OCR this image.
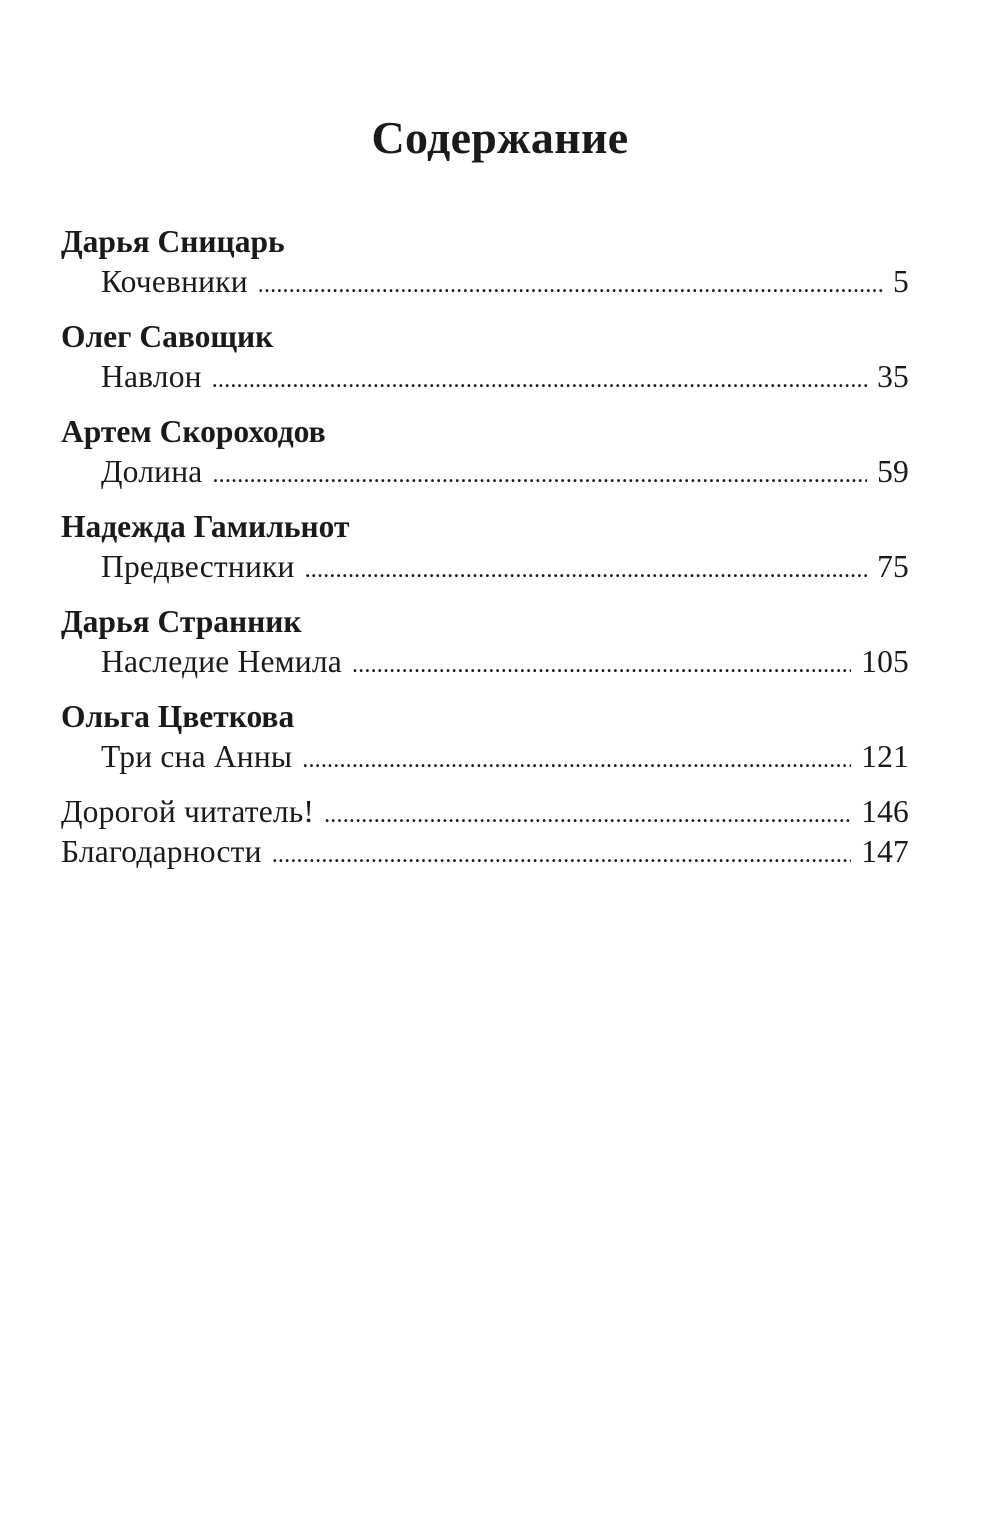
Содержание
Дарья Сницарь
Кочевники . . .	5
Олег Савощик
Навлон . . .	35
Артем Скороходов
Долина . . .	59
Надежда Гамильнот
Предвестники . . .	75
Дарья Странник
Наследие Немила . . .	105
Ольга Цветкова
Три сна Анны . . .	121
Дорогой читатель! . . .	146
Благодарности . . .	147
